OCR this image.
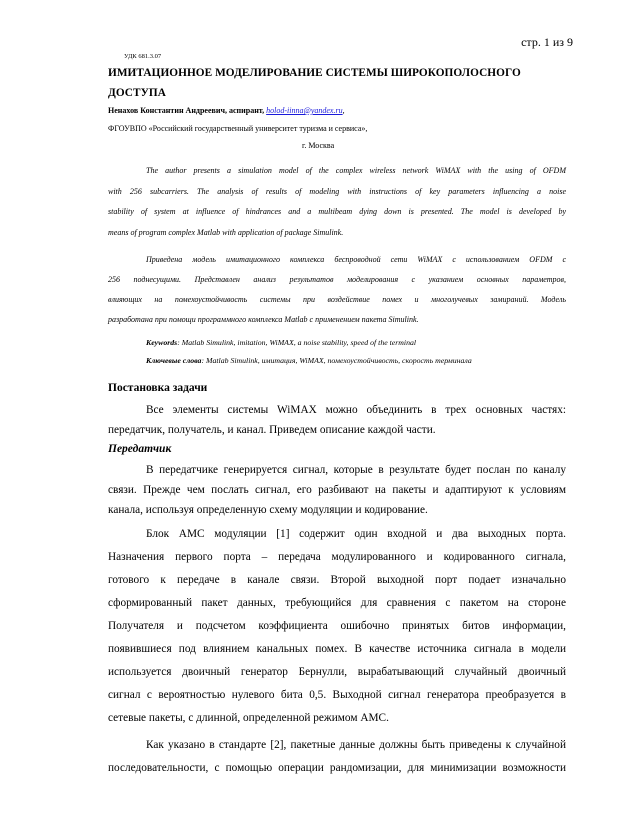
стр. 1 из 9
УДК 681.3.07
ИМИТАЦИОННОЕ МОДЕЛИРОВАНИЕ СИСТЕМЫ ШИРОКОПОЛОСНОГО
ДОСТУПА
Ненахов Константин Андреевич, аспирант, holod-iinna@yandex.ru,
ФГОУВПО «Российский государственный университет туризма и сервиса»,
г. Москва
The author presents a simulation model of the complex wireless network WiMAX with the using of OFDM
with 256 subcarriers. The analysis of results of modeling with instructions of key parameters influencing a noise
stability of system at influence of hindrances and a multibeam dying down is presented. The model is developed by
means of program complex Matlab with application of package Simulink.
Приведена модель имитационного комплекса беспроводной сети WiMAX с использованием OFDM с
256 поднесущими. Представлен анализ результатов моделирования с указанием основных параметров,
влияющих на помехоустойчивость системы при воздействие помех и многолучевых замираний. Модель
разработана при помощи программного комплекса Matlab с применением пакета Simulink.
Keywords: Matlab Simulink, imitation, WiMAX, a noise stability, speed of the terminal
Ключевые слова: Matlab Simulink, имитация, WiMAX, помехоустойчивость, скорость терминала
Постановка задачи
Все элементы системы WiMAX можно объединить в трех основных частях:
передатчик, получатель, и канал. Приведем описание каждой части.
Передатчик
В передатчике генерируется сигнал, которые в результате будет послан по каналу
связи. Прежде чем послать сигнал, его разбивают на пакеты и адаптируют к условиям
канала, используя определенную схему модуляции и кодирование.
Блок АМС модуляции [1] содержит один входной и два выходных порта.
Назначения первого порта – передача модулированного и кодированного сигнала,
готового к передаче в канале связи. Второй выходной порт подает изначально
сформированный пакет данных, требующийся для сравнения с пакетом на стороне
Получателя и подсчетом коэффициента ошибочно принятых битов информации,
появившиеся под влиянием канальных помех. В качестве источника сигнала в модели
используется двоичный генератор Бернулли, вырабатывающий случайный двоичный
сигнал с вероятностью нулевого бита 0,5. Выходной сигнал генератора преобразуется в
сетевые пакеты, с длинной, определенной режимом АМС.
Как указано в стандарте [2], пакетные данные должны быть приведены к случайной
последовательности, с помощью операции рандомизации, для минимизации возможности
